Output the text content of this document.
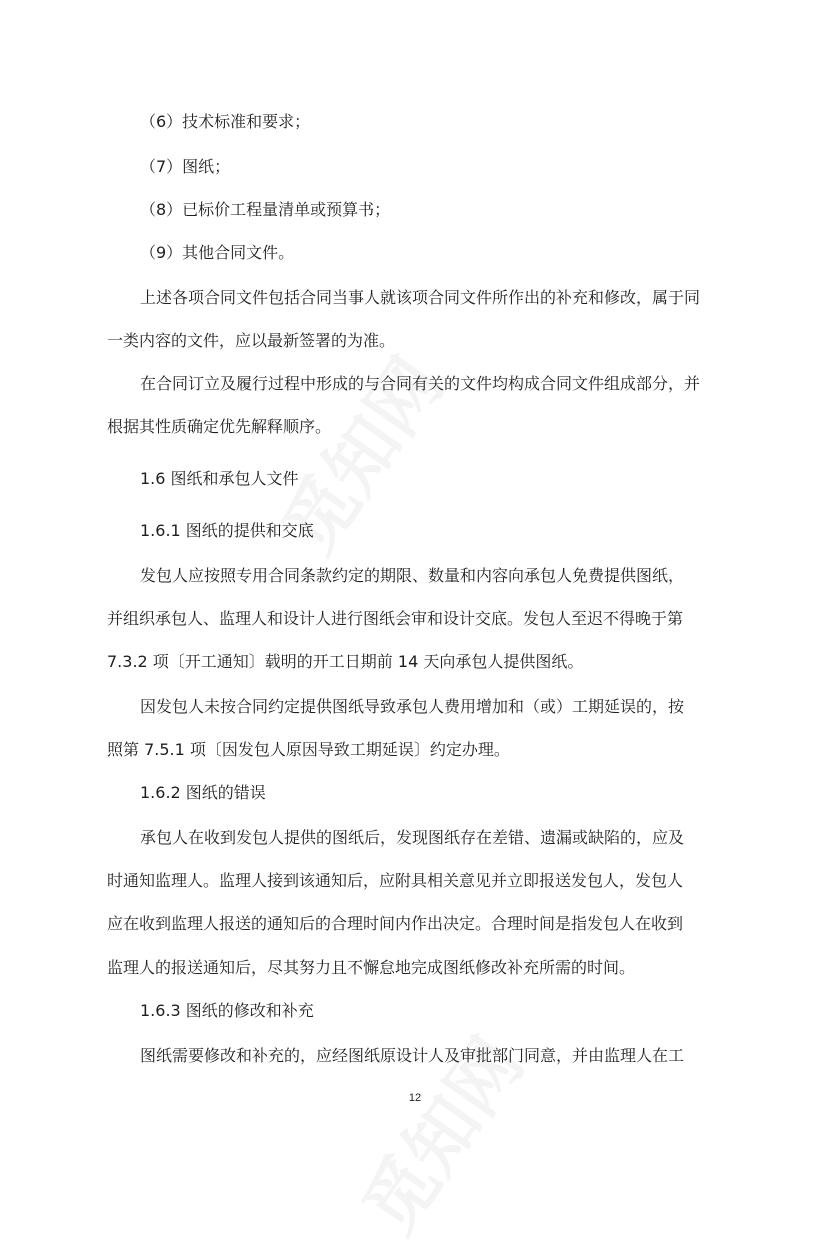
（6）技术标准和要求；
（7）图纸；
（8）已标价工程量清单或预算书；
（9）其他合同文件。
上述各项合同文件包括合同当事人就该项合同文件所作出的补充和修改，属于同
一类内容的文件，应以最新签署的为准。
在合同订立及履行过程中形成的与合同有关的文件均构成合同文件组成部分，并
根据其性质确定优先解释顺序。
1.6 图纸和承包人文件
1.6.1 图纸的提供和交底
发包人应按照专用合同条款约定的期限、数量和内容向承包人免费提供图纸，
并组织承包人、监理人和设计人进行图纸会审和设计交底。发包人至迟不得晚于第
7.3.2 项〔开工通知〕载明的开工日期前 14 天向承包人提供图纸。
因发包人未按合同约定提供图纸导致承包人费用增加和（或）工期延误的，按
照第 7.5.1 项〔因发包人原因导致工期延误〕约定办理。
1.6.2 图纸的错误
承包人在收到发包人提供的图纸后，发现图纸存在差错、遗漏或缺陷的，应及
时通知监理人。监理人接到该通知后，应附具相关意见并立即报送发包人，发包人
应在收到监理人报送的通知后的合理时间内作出决定。合理时间是指发包人在收到
监理人的报送通知后，尽其努力且不懈怠地完成图纸修改补充所需的时间。
1.6.3 图纸的修改和补充
图纸需要修改和补充的，应经图纸原设计人及审批部门同意，并由监理人在工
12
